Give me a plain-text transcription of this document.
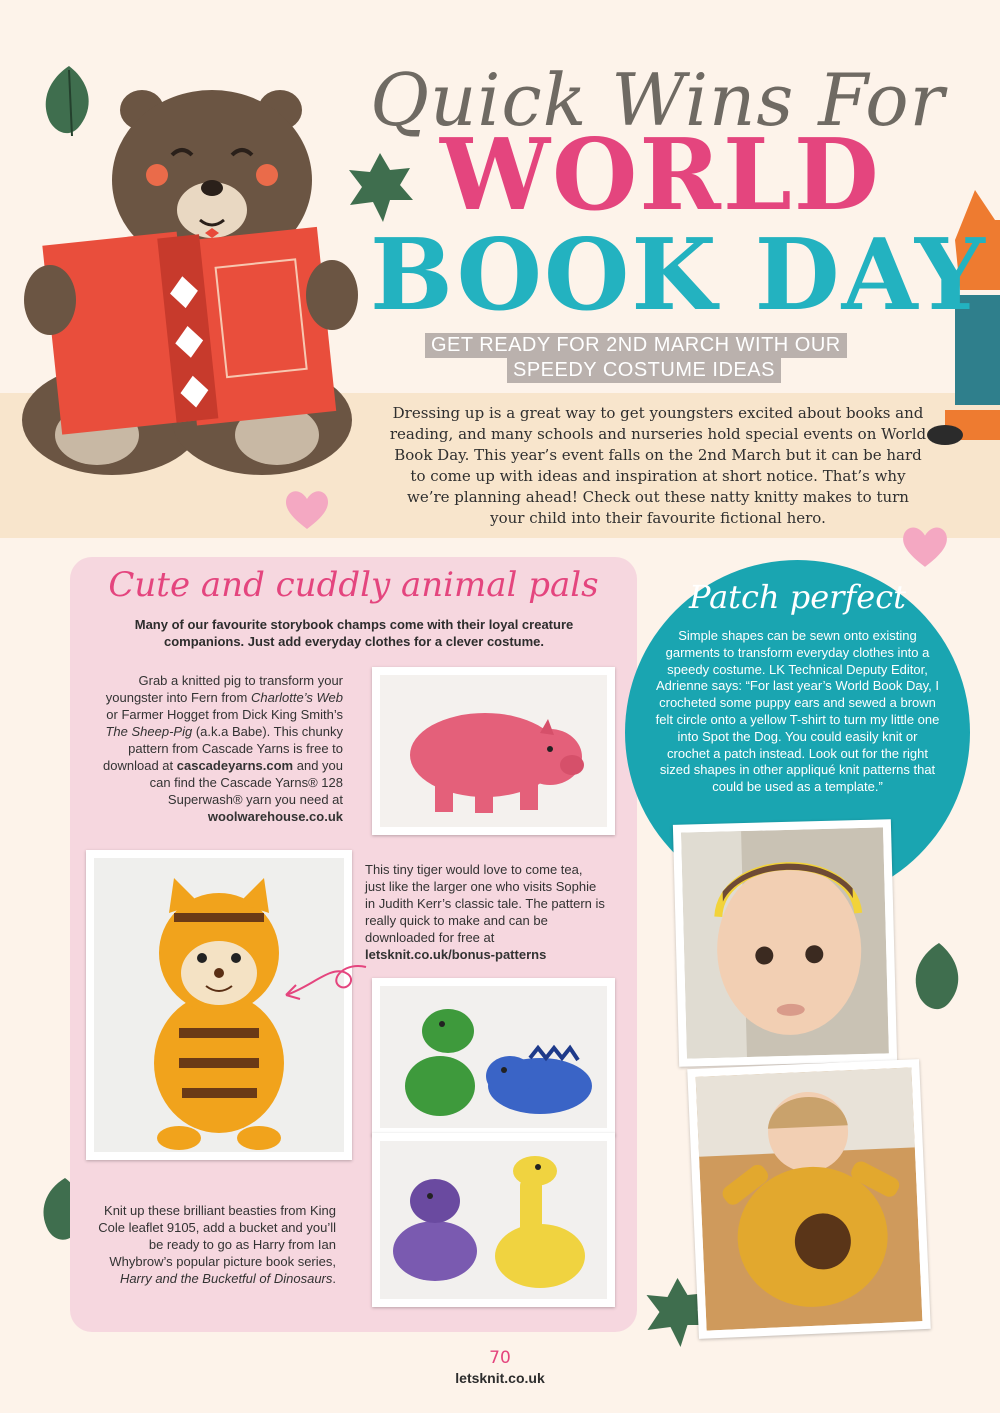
Quick Wins For
WORLD
BOOK DAY
GET READY FOR 2ND MARCH WITH OUR
SPEEDY COSTUME IDEAS
Dressing up is a great way to get youngsters excited about books and reading, and many schools and nurseries hold special events on World Book Day. This year’s event falls on the 2nd March but it can be hard to come up with ideas and inspiration at short notice. That’s why we’re planning ahead! Check out these natty knitty makes to turn your child into their favourite fictional hero.
Cute and cuddly animal pals
Many of our favourite storybook champs come with their loyal creature companions. Just add everyday clothes for a clever costume.
Grab a knitted pig to transform your youngster into Fern from Charlotte’s Web or Farmer Hogget from Dick King Smith’s The Sheep-Pig (a.k.a Babe). This chunky pattern from Cascade Yarns is free to download at cascadeyarns.com and you can find the Cascade Yarns® 128 Superwash® yarn you need at woolwarehouse.co.uk
This tiny tiger would love to come tea, just like the larger one who visits Sophie in Judith Kerr’s classic tale. The pattern is really quick to make and can be downloaded for free at letsknit.co.uk/bonus-patterns
Knit up these brilliant beasties from King Cole leaflet 9105, add a bucket and you’ll be ready to go as Harry from Ian Whybrow’s popular picture book series, Harry and the Bucketful of Dinosaurs.
Patch perfect
Simple shapes can be sewn onto existing garments to transform everyday clothes into a speedy costume. LK Technical Deputy Editor, Adrienne says: “For last year’s World Book Day, I crocheted some puppy ears and sewed a brown felt circle onto a yellow T-shirt to turn my little one into Spot the Dog. You could easily knit or crochet a patch instead. Look out for the right sized shapes in other appliqué knit patterns that could be used as a template.”
70
letsknit.co.uk
